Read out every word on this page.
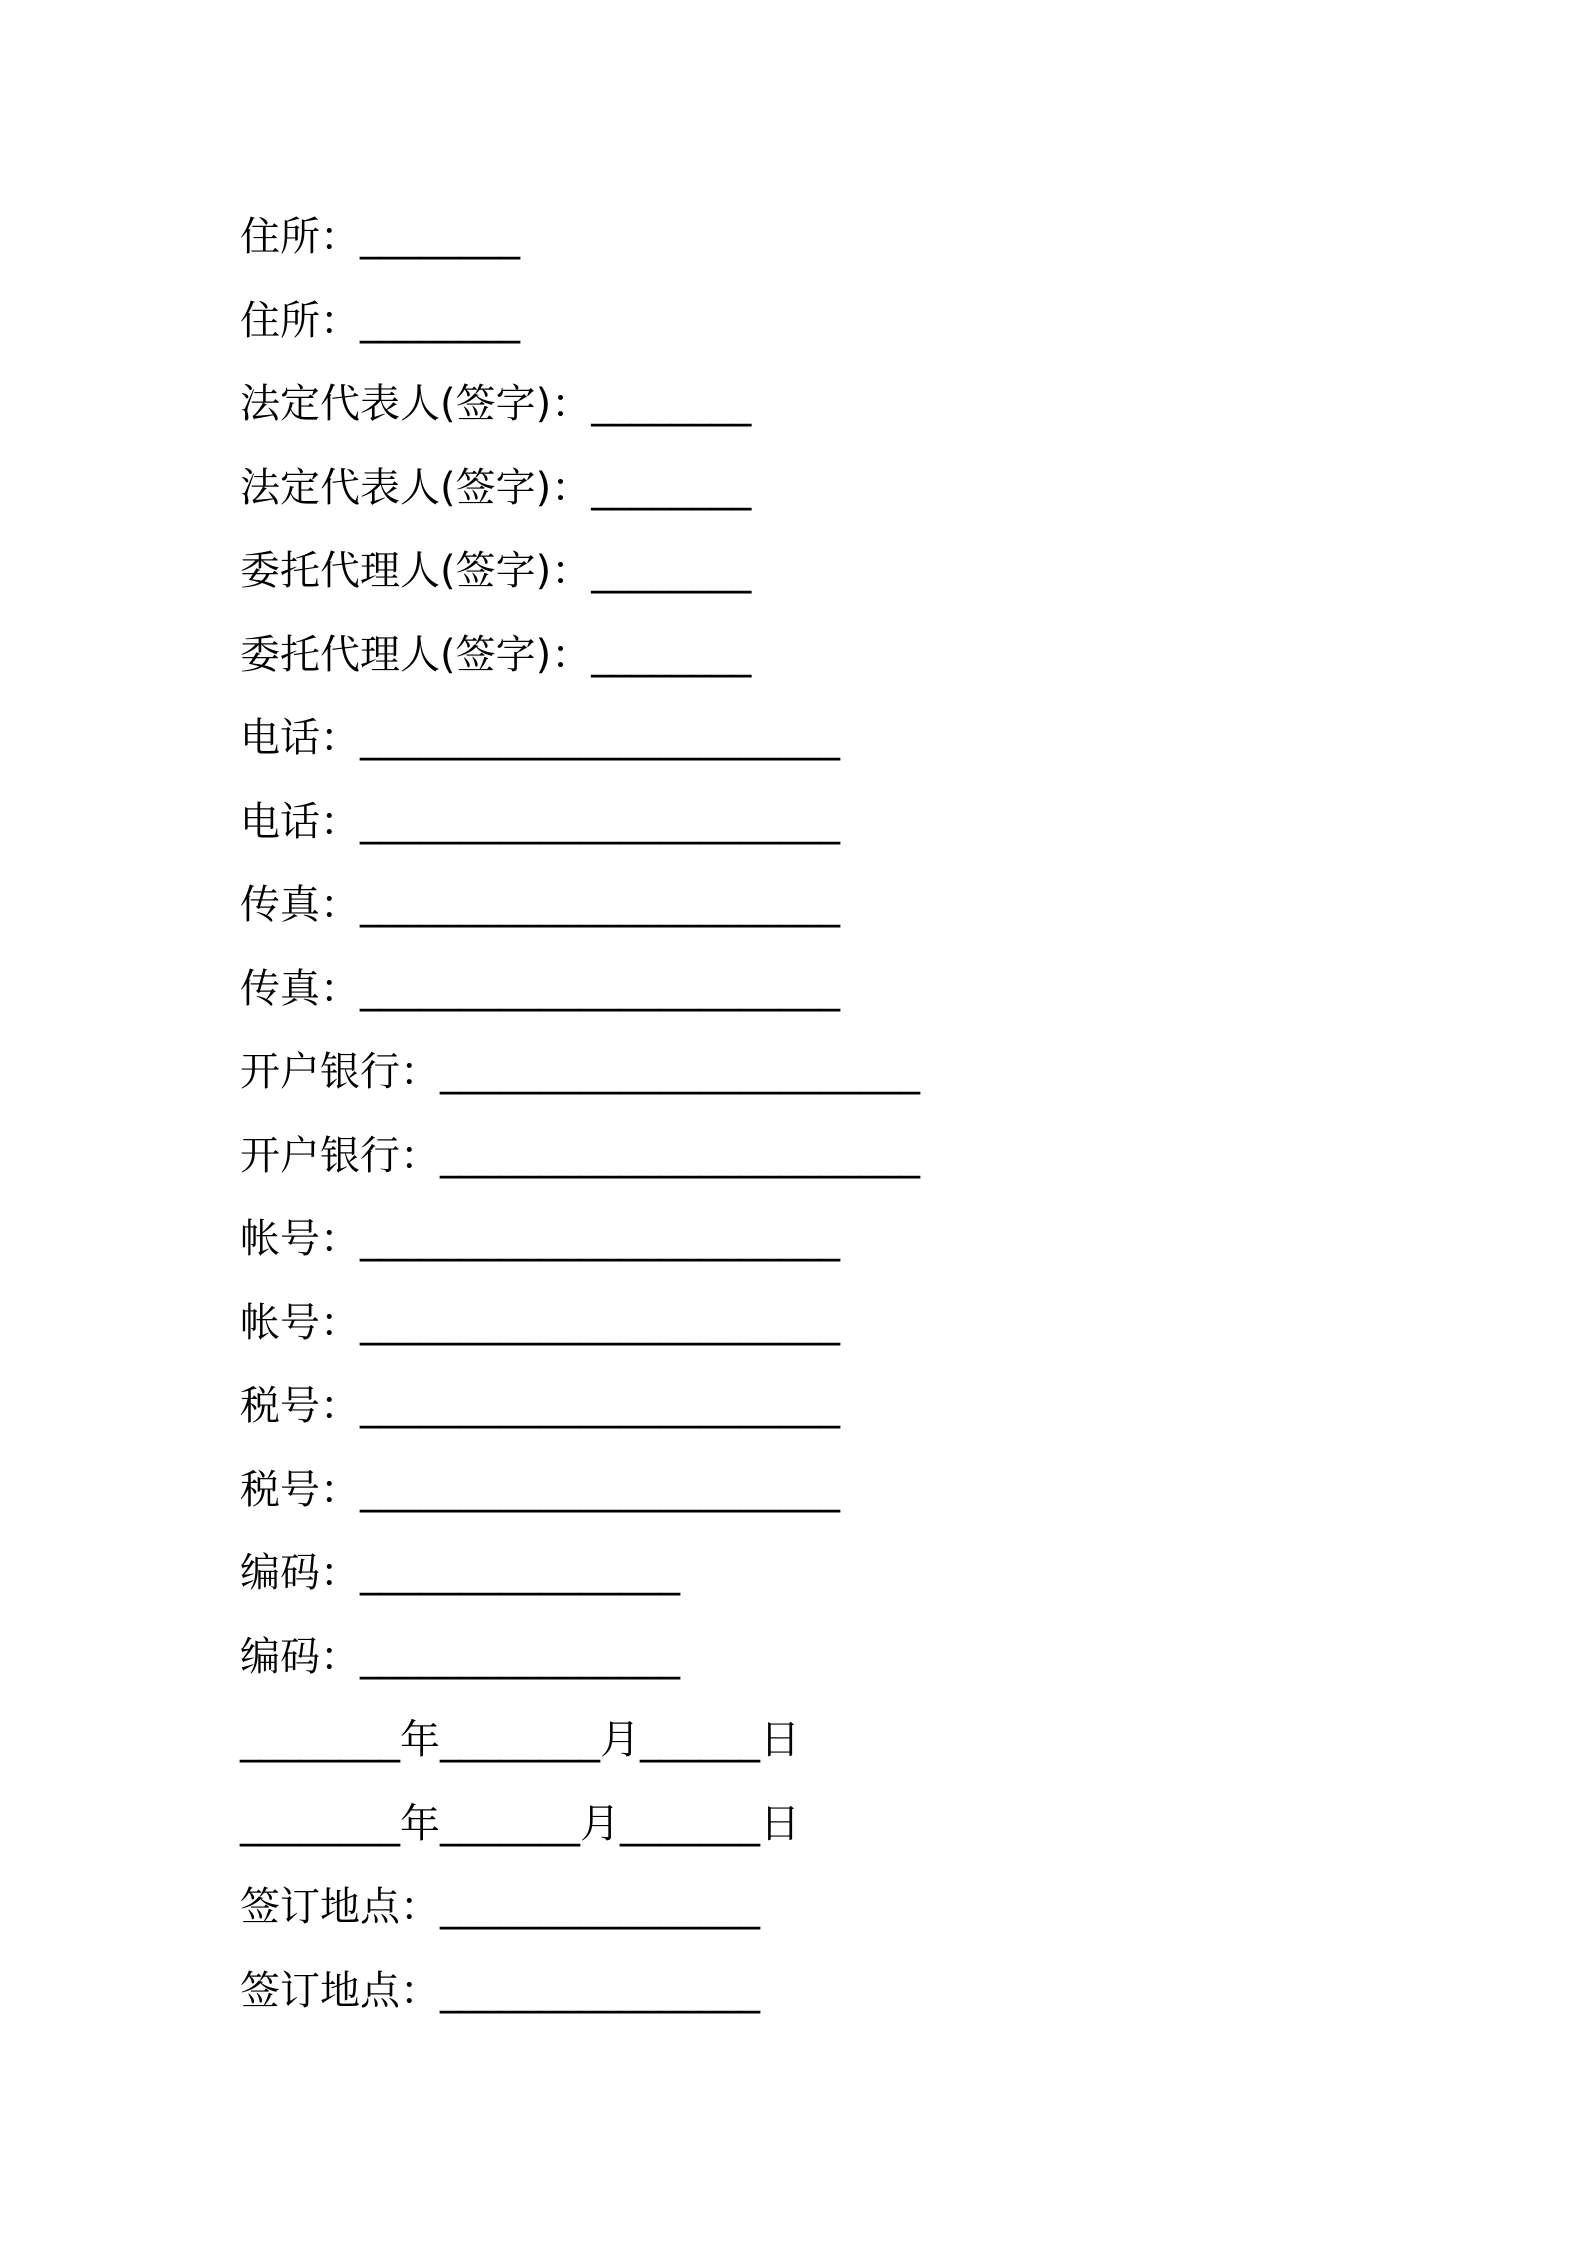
住所：________
住所：________
法定代表人(签字)：________
法定代表人(签字)：________
委托代理人(签字)：________
委托代理人(签字)：________
电话：________________________
电话：________________________
传真：________________________
传真：________________________
开户银行：________________________
开户银行：________________________
帐号：________________________
帐号：________________________
税号：________________________
税号：________________________
编码：________________
编码：________________
________年________月______日
________年_______月_______日
签订地点：________________
签订地点：________________
